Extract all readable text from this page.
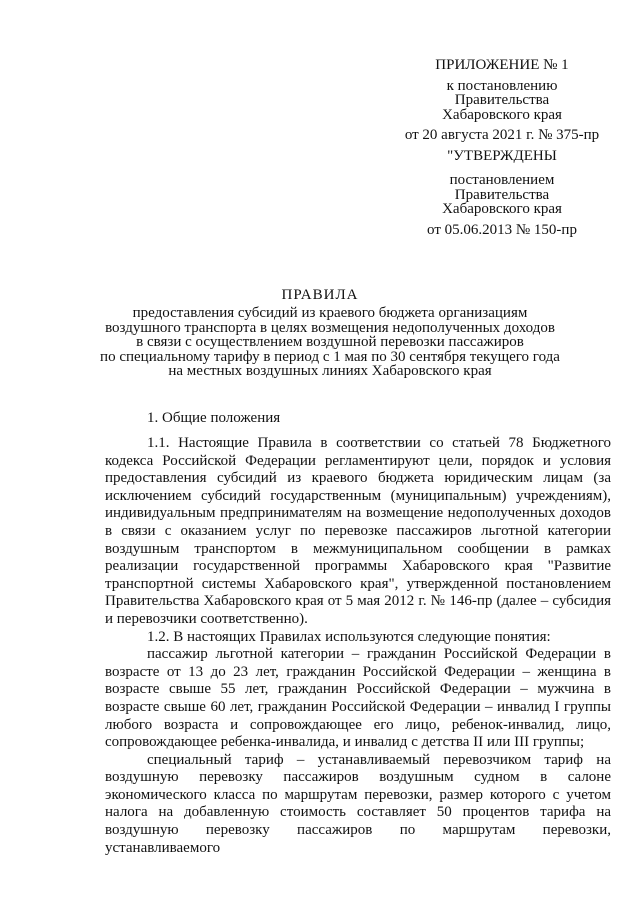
ПРИЛОЖЕНИЕ № 1
к постановлению
Правительства
Хабаровского края
от 20 августа 2021 г. № 375-пр
"УТВЕРЖДЕНЫ
постановлением
Правительства
Хабаровского края
от 05.06.2013 № 150-пр
ПРАВИЛА
предоставления субсидий из краевого бюджета организациям
воздушного транспорта в целях возмещения недополученных доходов
в связи с осуществлением воздушной перевозки пассажиров
по специальному тарифу в период с 1 мая по 30 сентября текущего года
на местных воздушных линиях Хабаровского края
1. Общие положения

1.1. Настоящие Правила в соответствии со статьей 78 Бюджетного кодекса Российской Федерации регламентируют цели, порядок и условия предоставления субсидий из краевого бюджета юридическим лицам (за исключением субсидий государственным (муниципальным) учреждениям), индивидуальным предпринимателям на возмещение недополученных доходов в связи с оказанием услуг по перевозке пассажиров льготной категории воздушным транспортом в межмуниципальном сообщении в рамках реализации государственной программы Хабаровского края "Развитие транспортной системы Хабаровского края", утвержденной постановлением Правительства Хабаровского края от 5 мая 2012 г. № 146-пр (далее – субсидия и перевозчики соответственно).

1.2. В настоящих Правилах используются следующие понятия:

пассажир льготной категории – гражданин Российской Федерации в возрасте от 13 до 23 лет, гражданин Российской Федерации – женщина в возрасте свыше 55 лет, гражданин Российской Федерации – мужчина в возрасте свыше 60 лет, гражданин Российской Федерации – инвалид I группы любого возраста и сопровождающее его лицо, ребенок-инвалид, лицо, сопровождающее ребенка-инвалида, и инвалид с детства II или III группы;

специальный тариф – устанавливаемый перевозчиком тариф на воздушную перевозку пассажиров воздушным судном в салоне экономического класса по маршрутам перевозки, размер которого с учетом налога на добавленную стоимость составляет 50 процентов тарифа на воздушную перевозку пассажиров по маршрутам перевозки, устанавливаемого
